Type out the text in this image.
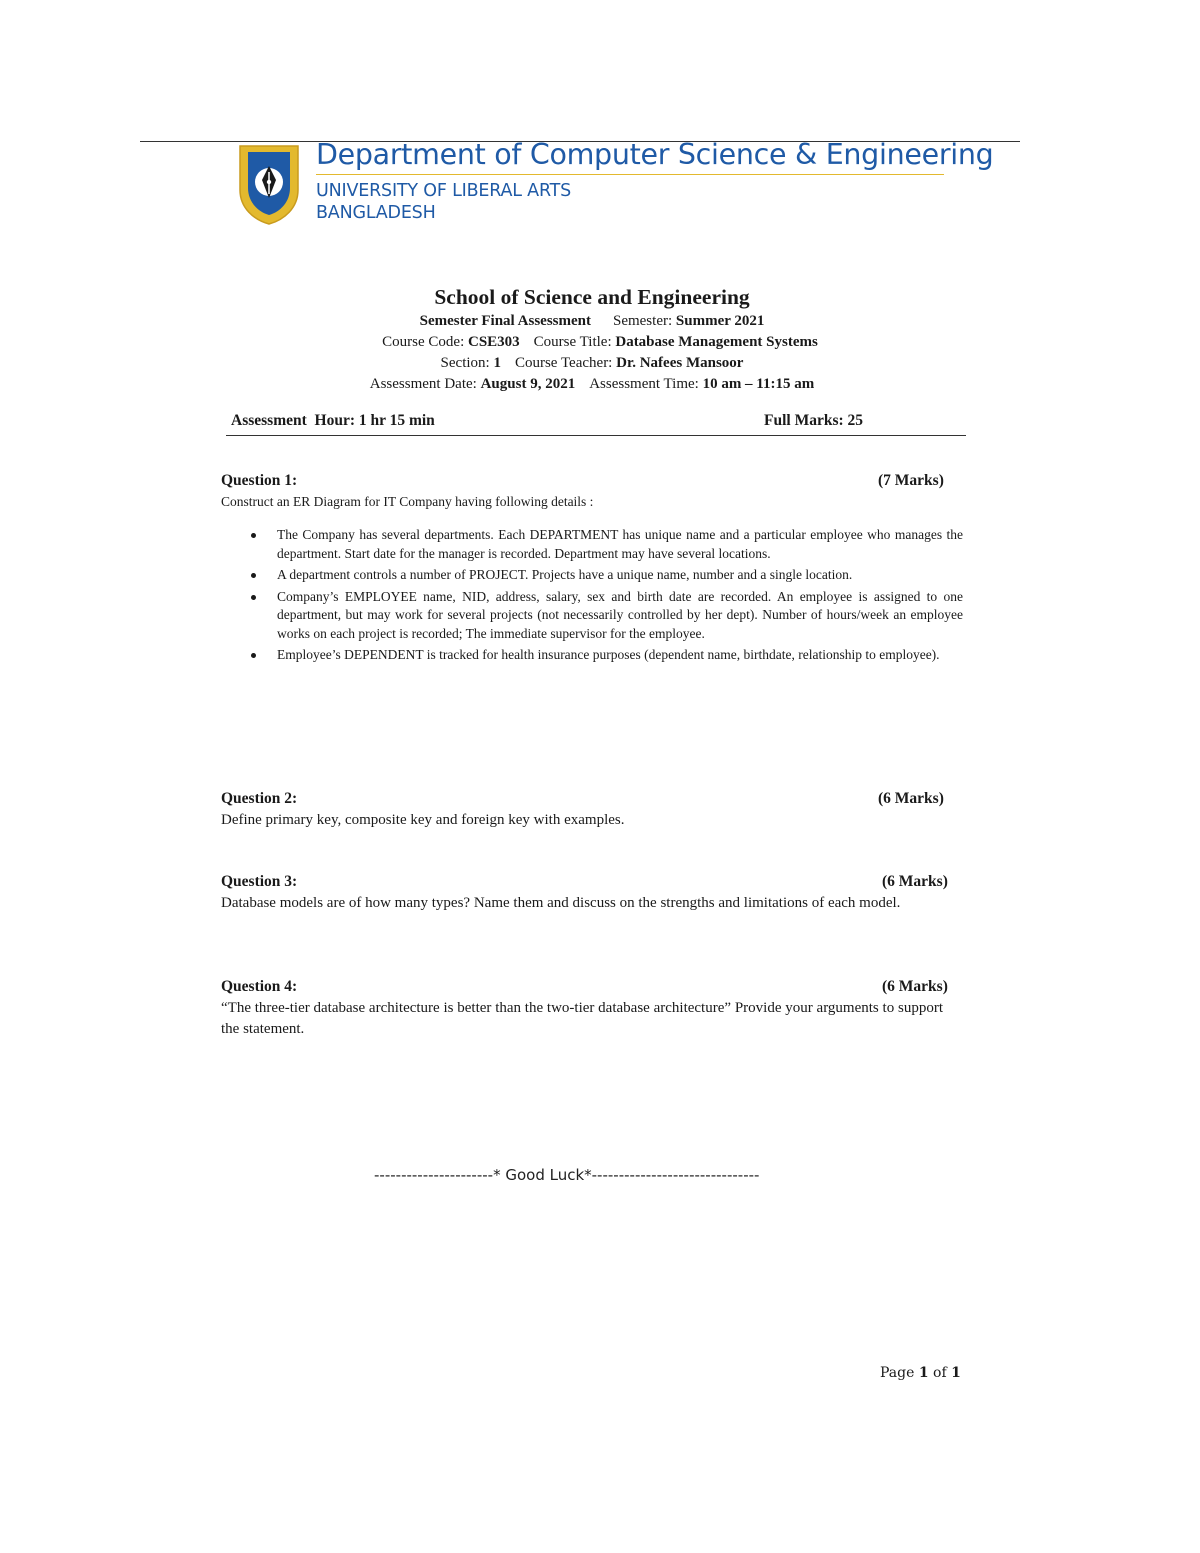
Department of Computer Science & Engineering
UNIVERSITY OF LIBERAL ARTS
BANGLADESH
School of Science and Engineering
Semester Final Assessment Semester: Summer 2021
Course Code: CSE303 Course Title: Database Management Systems
Section: 1 Course Teacher: Dr. Nafees Mansoor
Assessment Date: August 9, 2021 Assessment Time: 10 am – 11:15 am
Assessment  Hour: 1 hr 15 min	Full Marks: 25
Question 1:	(7 Marks)
Construct an ER Diagram for IT Company having following details :
The Company has several departments. Each DEPARTMENT has unique name and a particular employee who manages the department. Start date for the manager is recorded. Department may have several locations.
A department controls a number of PROJECT. Projects have a unique name, number and a single location.
Company’s EMPLOYEE name, NID, address, salary, sex and birth date are recorded. An employee is assigned to one department, but may work for several projects (not necessarily controlled by her dept). Number of hours/week an employee works on each project is recorded; The immediate supervisor for the employee.
Employee’s DEPENDENT is tracked for health insurance purposes (dependent name, birthdate, relationship to employee).
Question 2:	(6 Marks)
Define primary key, composite key and foreign key with examples.
Question 3:	(6 Marks)
Database models are of how many types? Name them and discuss on the strengths and limitations of each model.
Question 4:	(6 Marks)
“The three-tier database architecture is better than the two-tier database architecture” Provide your arguments to support the statement.
----------------------* Good Luck*-------------------------------
Page 1 of 1
